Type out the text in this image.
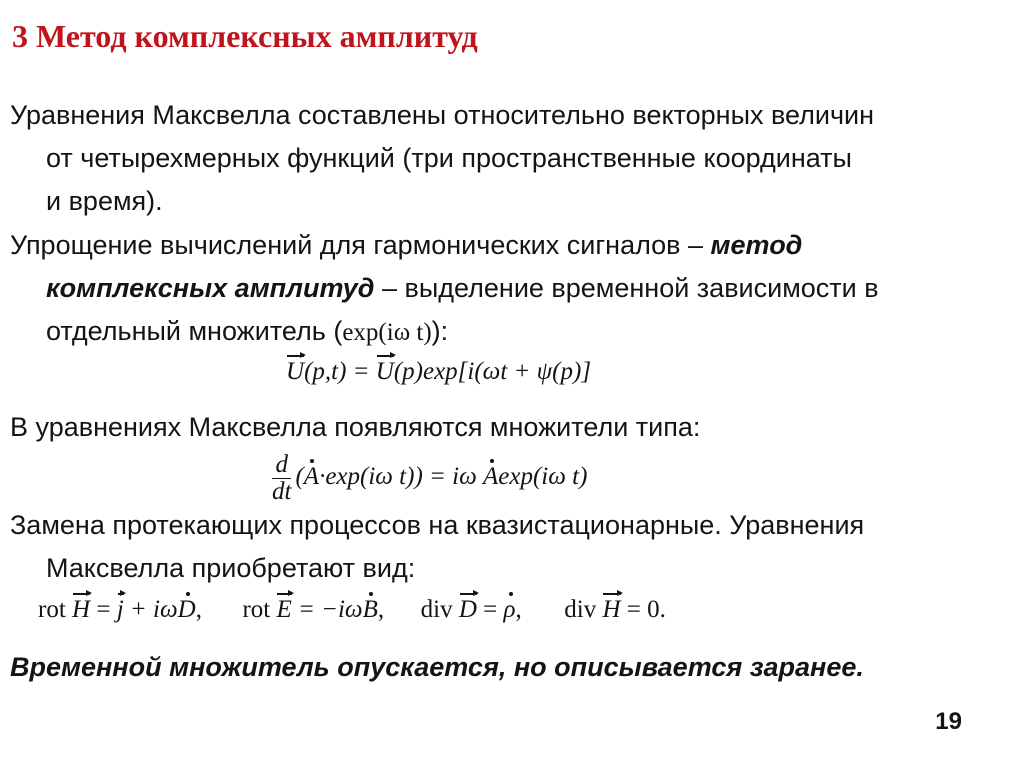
3 Метод комплексных амплитуд
Уравнения Максвелла составлены относительно векторных величин
от четырехмерных функций (три пространственные координаты
и время).
Упрощение вычислений для гармонических сигналов – метод
комплексных амплитуд – выделение временной зависимости в
отдельный множитель (exp(iω t)):
U(p,t) = U(p)exp[i(ωt + ψ(p)]
В уравнениях Максвелла появляются множители типа:
$\frac{d}{dt} (A\cdot\exp(i\omega$ t)) = iω Aexp(iω t)
Замена протекающих процессов на квазистационарные. Уравнения
Максвелла приобретают вид:
rot H = j + iωD, rot E = −iωB, div D = ρ, div H = 0.
Временной множитель опускается, но описывается заранее.
19
